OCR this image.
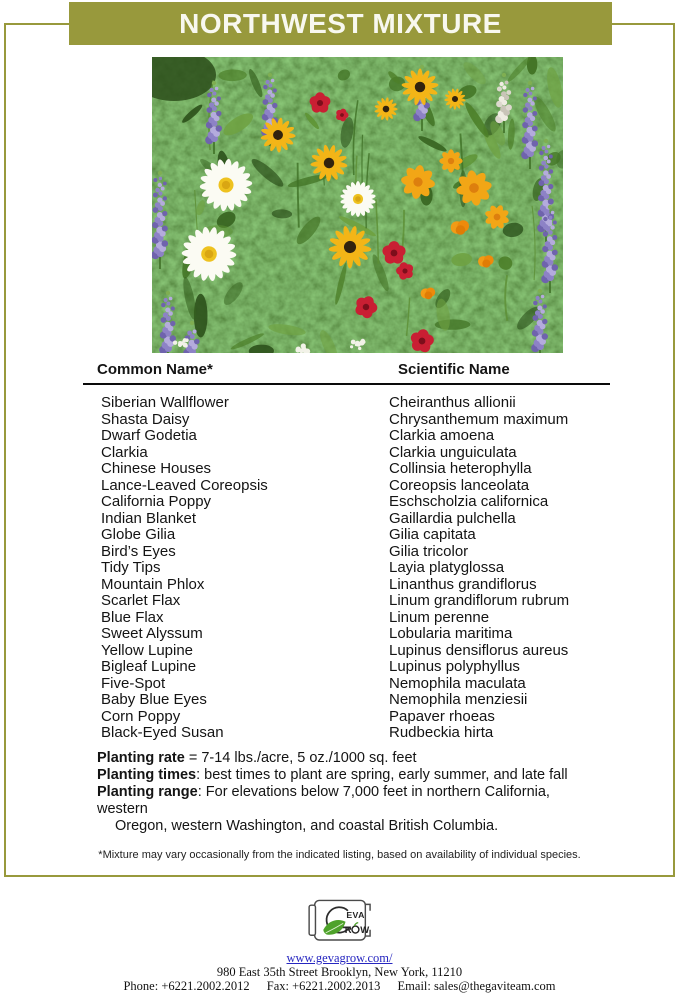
NORTHWEST MIXTURE
Common Name*	Scientific Name
Siberian Wallflower	Cheiranthus allionii
Shasta Daisy	Chrysanthemum maximum
Dwarf Godetia	Clarkia amoena
Clarkia	Clarkia unguiculata
Chinese Houses	Collinsia heterophylla
Lance-Leaved Coreopsis	Coreopsis lanceolata
California Poppy	Eschscholzia californica
Indian Blanket	Gaillardia pulchella
Globe Gilia	Gilia capitata
Bird’s Eyes	Gilia tricolor
Tidy Tips	Layia platyglossa
Mountain Phlox	Linanthus grandiflorus
Scarlet Flax	Linum grandiflorum rubrum
Blue Flax	Linum perenne
Sweet Alyssum	Lobularia maritima
Yellow Lupine	Lupinus densiflorus aureus
Bigleaf Lupine	Lupinus polyphyllus
Five-Spot	Nemophila maculata
Baby Blue Eyes	Nemophila menziesii
Corn Poppy	Papaver rhoeas
Black-Eyed Susan	Rudbeckia hirta
Planting rate = 7-14 lbs./acre, 5 oz./1000 sq. feet
Planting times: best times to plant are spring, early summer, and late fall
Planting range: For elevations below 7,000 feet in northern California,
western
Oregon, western Washington, and coastal British Columbia.
*Mixture may vary occasionally from the indicated listing, based on availability of individual species.
EVA
R W
www.gevagrow.com/
980 East 35th Street Brooklyn, New York, 11210
Phone: +6221.2002.2012 Fax: +6221.2002.2013 Email: sales@thegaviteam.com
